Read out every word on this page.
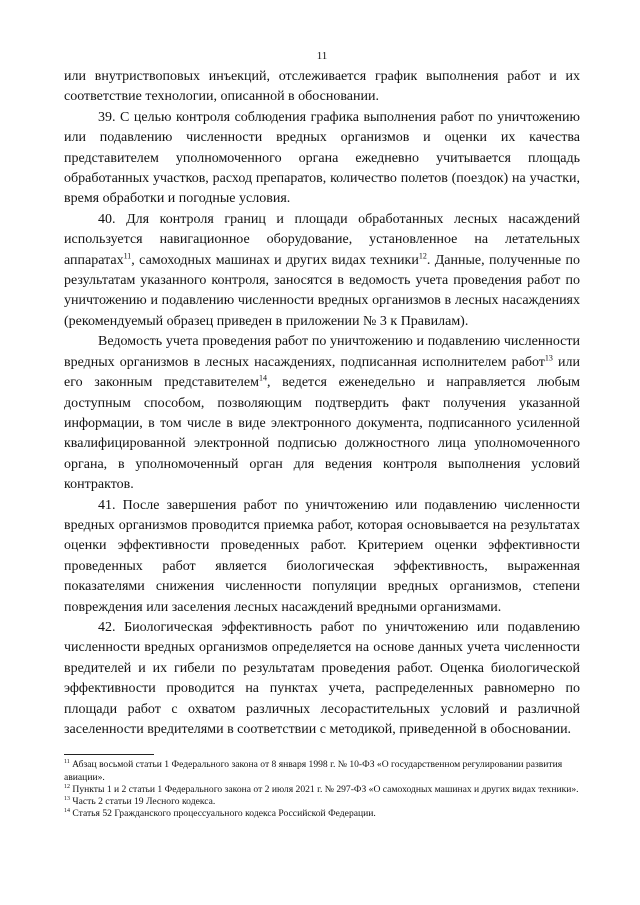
11

или внутриствоповых инъекций, отслеживается график выполнения работ и их соответствие технологии, описанной в обосновании.

39. С целью контроля соблюдения графика выполнения работ по уничтожению или подавлению численности вредных организмов и оценки их качества представителем уполномоченного органа ежедневно учитывается площадь обработанных участков, расход препаратов, количество полетов (поездок) на участки, время обработки и погодные условия.

40. Для контроля границ и площади обработанных лесных насаждений используется навигационное оборудование, установленное на летательных аппаратах$^{11}$, самоходных машинах и других видах техники$^{12}$. Данные, полученные по результатам указанного контроля, заносятся в ведомость учета проведения работ по уничтожению и подавлению численности вредных организмов в лесных насаждениях (рекомендуемый образец приведен в приложении № 3 к Правилам).

Ведомость учета проведения работ по уничтожению и подавлению численности вредных организмов в лесных насаждениях, подписанная исполнителем работ$^{13}$ или его законным представителем$^{14}$, ведется еженедельно и направляется любым доступным способом, позволяющим подтвердить факт получения указанной информации, в том числе в виде электронного документа, подписанного усиленной квалифицированной электронной подписью должностного лица уполномоченного органа, в уполномоченный орган для ведения контроля выполнения условий контрактов.

41. После завершения работ по уничтожению или подавлению численности вредных организмов проводится приемка работ, которая основывается на результатах оценки эффективности проведенных работ. Критерием оценки эффективности проведенных работ является биологическая эффективность, выраженная показателями снижения численности популяции вредных организмов, степени повреждения или заселения лесных насаждений вредными организмами.

42. Биологическая эффективность работ по уничтожению или подавлению численности вредных организмов определяется на основе данных учета численности вредителей и их гибели по результатам проведения работ. Оценка биологической эффективности проводится на пунктах учета, распределенных равномерно по площади работ с охватом различных лесорастительных условий и различной заселенности вредителями в соответствии с методикой, приведенной в обосновании.

$^{11}$ Абзац восьмой статьи 1 Федерального закона от 8 января 1998 г. № 10-ФЗ «О государственном регулировании развития авиации».

$^{12}$ Пункты 1 и 2 статьи 1 Федерального закона от 2 июля 2021 г. № 297-ФЗ «О самоходных машинах и других видах техники».

$^{13}$ Часть 2 статьи 19 Лесного кодекса.

$^{14}$ Статья 52 Гражданского процессуального кодекса Российской Федерации.
